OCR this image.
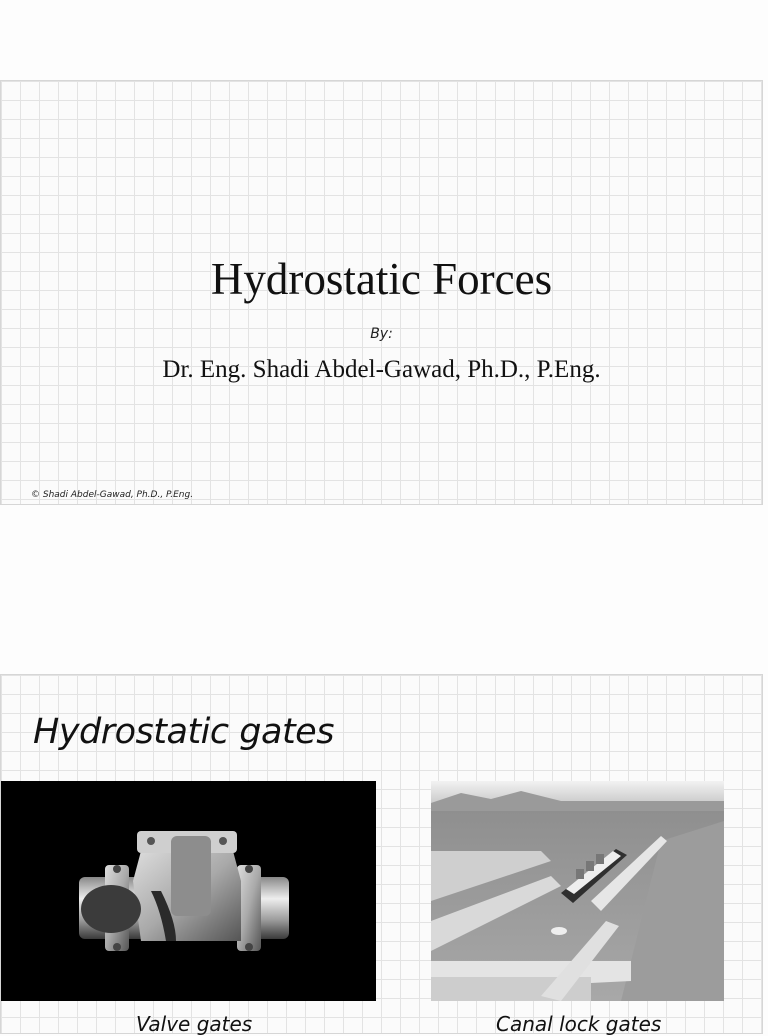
Hydrostatic Forces
By:
Dr. Eng. Shadi Abdel-Gawad, Ph.D., P.Eng.
© Shadi Abdel-Gawad, Ph.D., P.Eng.
Hydrostatic gates
Valve gates	Canal lock gates
